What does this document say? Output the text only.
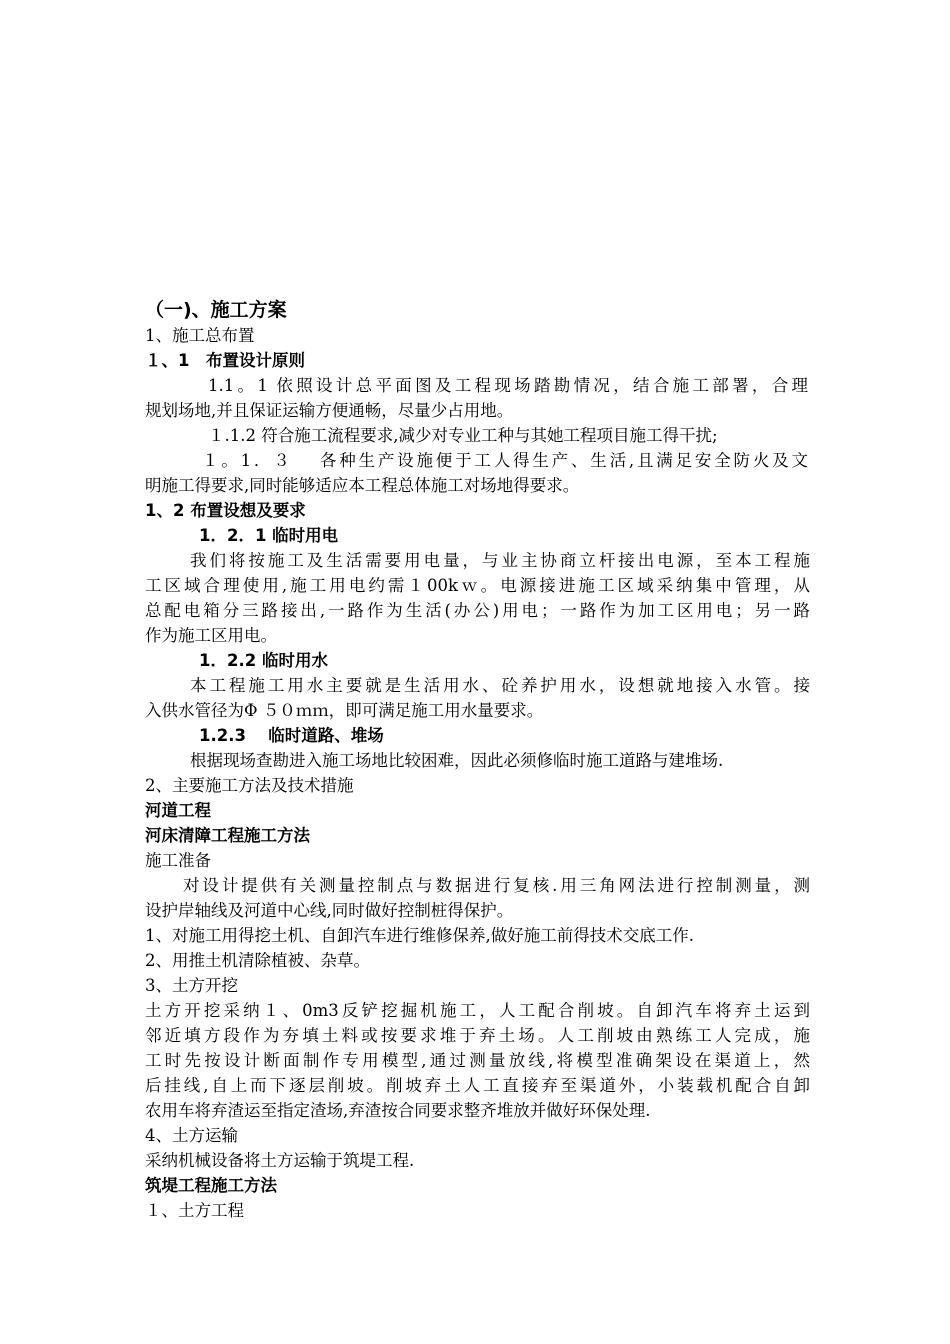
（一)、施工方案
1、施工总布置
１、1　布置设计原则
1.1。1 依照设计总平面图及工程现场踏勘情况，结合施工部署，合理
规划场地,并且保证运输方便通畅，尽量少占用地。
１.1.2 符合施工流程要求,减少对专业工种与其她工程项目施工得干扰;
１。1．３　 各种生产设施便于工人得生产、生活,且满足安全防火及文
明施工得要求,同时能够适应本工程总体施工对场地得要求。
1、2 布置设想及要求
1．2．1 临时用电
我们将按施工及生活需要用电量，与业主协商立杆接出电源，至本工程施
工区域合理使用,施工用电约需１00kｗ。电源接进施工区域采纳集中管理，从
总配电箱分三路接出,一路作为生活(办公)用电；一路作为加工区用电；另一路
作为施工区用电。
1．2.2 临时用水
本工程施工用水主要就是生活用水、砼养护用水，设想就地接入水管。接
入供水管径为Φ ５０ｍｍ，即可满足施工用水量要求。
1.2.3　 临时道路、堆场
根据现场查勘进入施工场地比较困难，因此必须修临时施工道路与建堆场.
2、主要施工方法及技术措施
河道工程
河床清障工程施工方法
施工准备
对设计提供有关测量控制点与数据进行复核.用三角网法进行控制测量，测
设护岸轴线及河道中心线,同时做好控制桩得保护。
1、对施工用得挖土机、自卸汽车进行维修保养,做好施工前得技术交底工作.
2、用推土机清除植被、杂草。
3、土方开挖
土方开挖采纳１、0m3反铲挖掘机施工，人工配合削坡。自卸汽车将弃土运到
邻近填方段作为夯填土料或按要求堆于弃土场。人工削坡由熟练工人完成，施
工时先按设计断面制作专用模型,通过测量放线,将模型准确架设在渠道上，然
后挂线,自上而下逐层削坡。削坡弃土人工直接弃至渠道外，小装载机配合自卸
农用车将弃渣运至指定渣场,弃渣按合同要求整齐堆放并做好环保处理.
4、土方运输
采纳机械设备将土方运输于筑堤工程.
筑堤工程施工方法
１、土方工程
